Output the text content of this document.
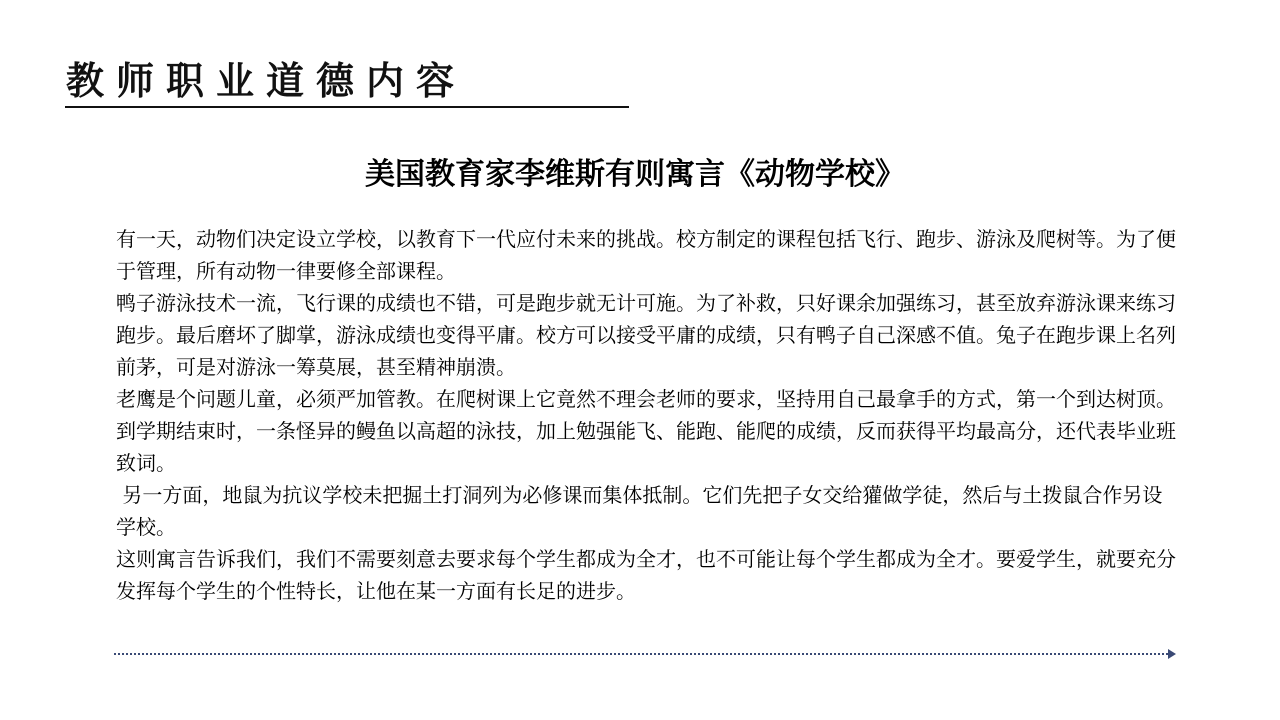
教师职业道德内容
美国教育家李维斯有则寓言《动物学校》

有一天，动物们决定设立学校，以教育下一代应付未来的挑战。校方制定的课程包括飞行、跑步、游泳及爬树等。为了便于管理，所有动物一律要修全部课程。

鸭子游泳技术一流，飞行课的成绩也不错，可是跑步就无计可施。为了补救，只好课余加强练习，甚至放弃游泳课来练习跑步。最后磨坏了脚掌，游泳成绩也变得平庸。校方可以接受平庸的成绩，只有鸭子自己深感不值。兔子在跑步课上名列前茅，可是对游泳一筹莫展，甚至精神崩溃。

老鹰是个问题儿童，必须严加管教。在爬树课上它竟然不理会老师的要求，坚持用自己最拿手的方式，第一个到达树顶。 到学期结束时，一条怪异的鳗鱼以高超的泳技，加上勉强能飞、能跑、能爬的成绩，反而获得平均最高分，还代表毕业班致词。

另一方面，地鼠为抗议学校未把掘土打洞列为必修课而集体抵制。它们先把子女交给獾做学徒，然后与土拨鼠合作另设学校。

这则寓言告诉我们，我们不需要刻意去要求每个学生都成为全才，也不可能让每个学生都成为全才。要爱学生，就要充分发挥每个学生的个性特长，让他在某一方面有长足的进步。
